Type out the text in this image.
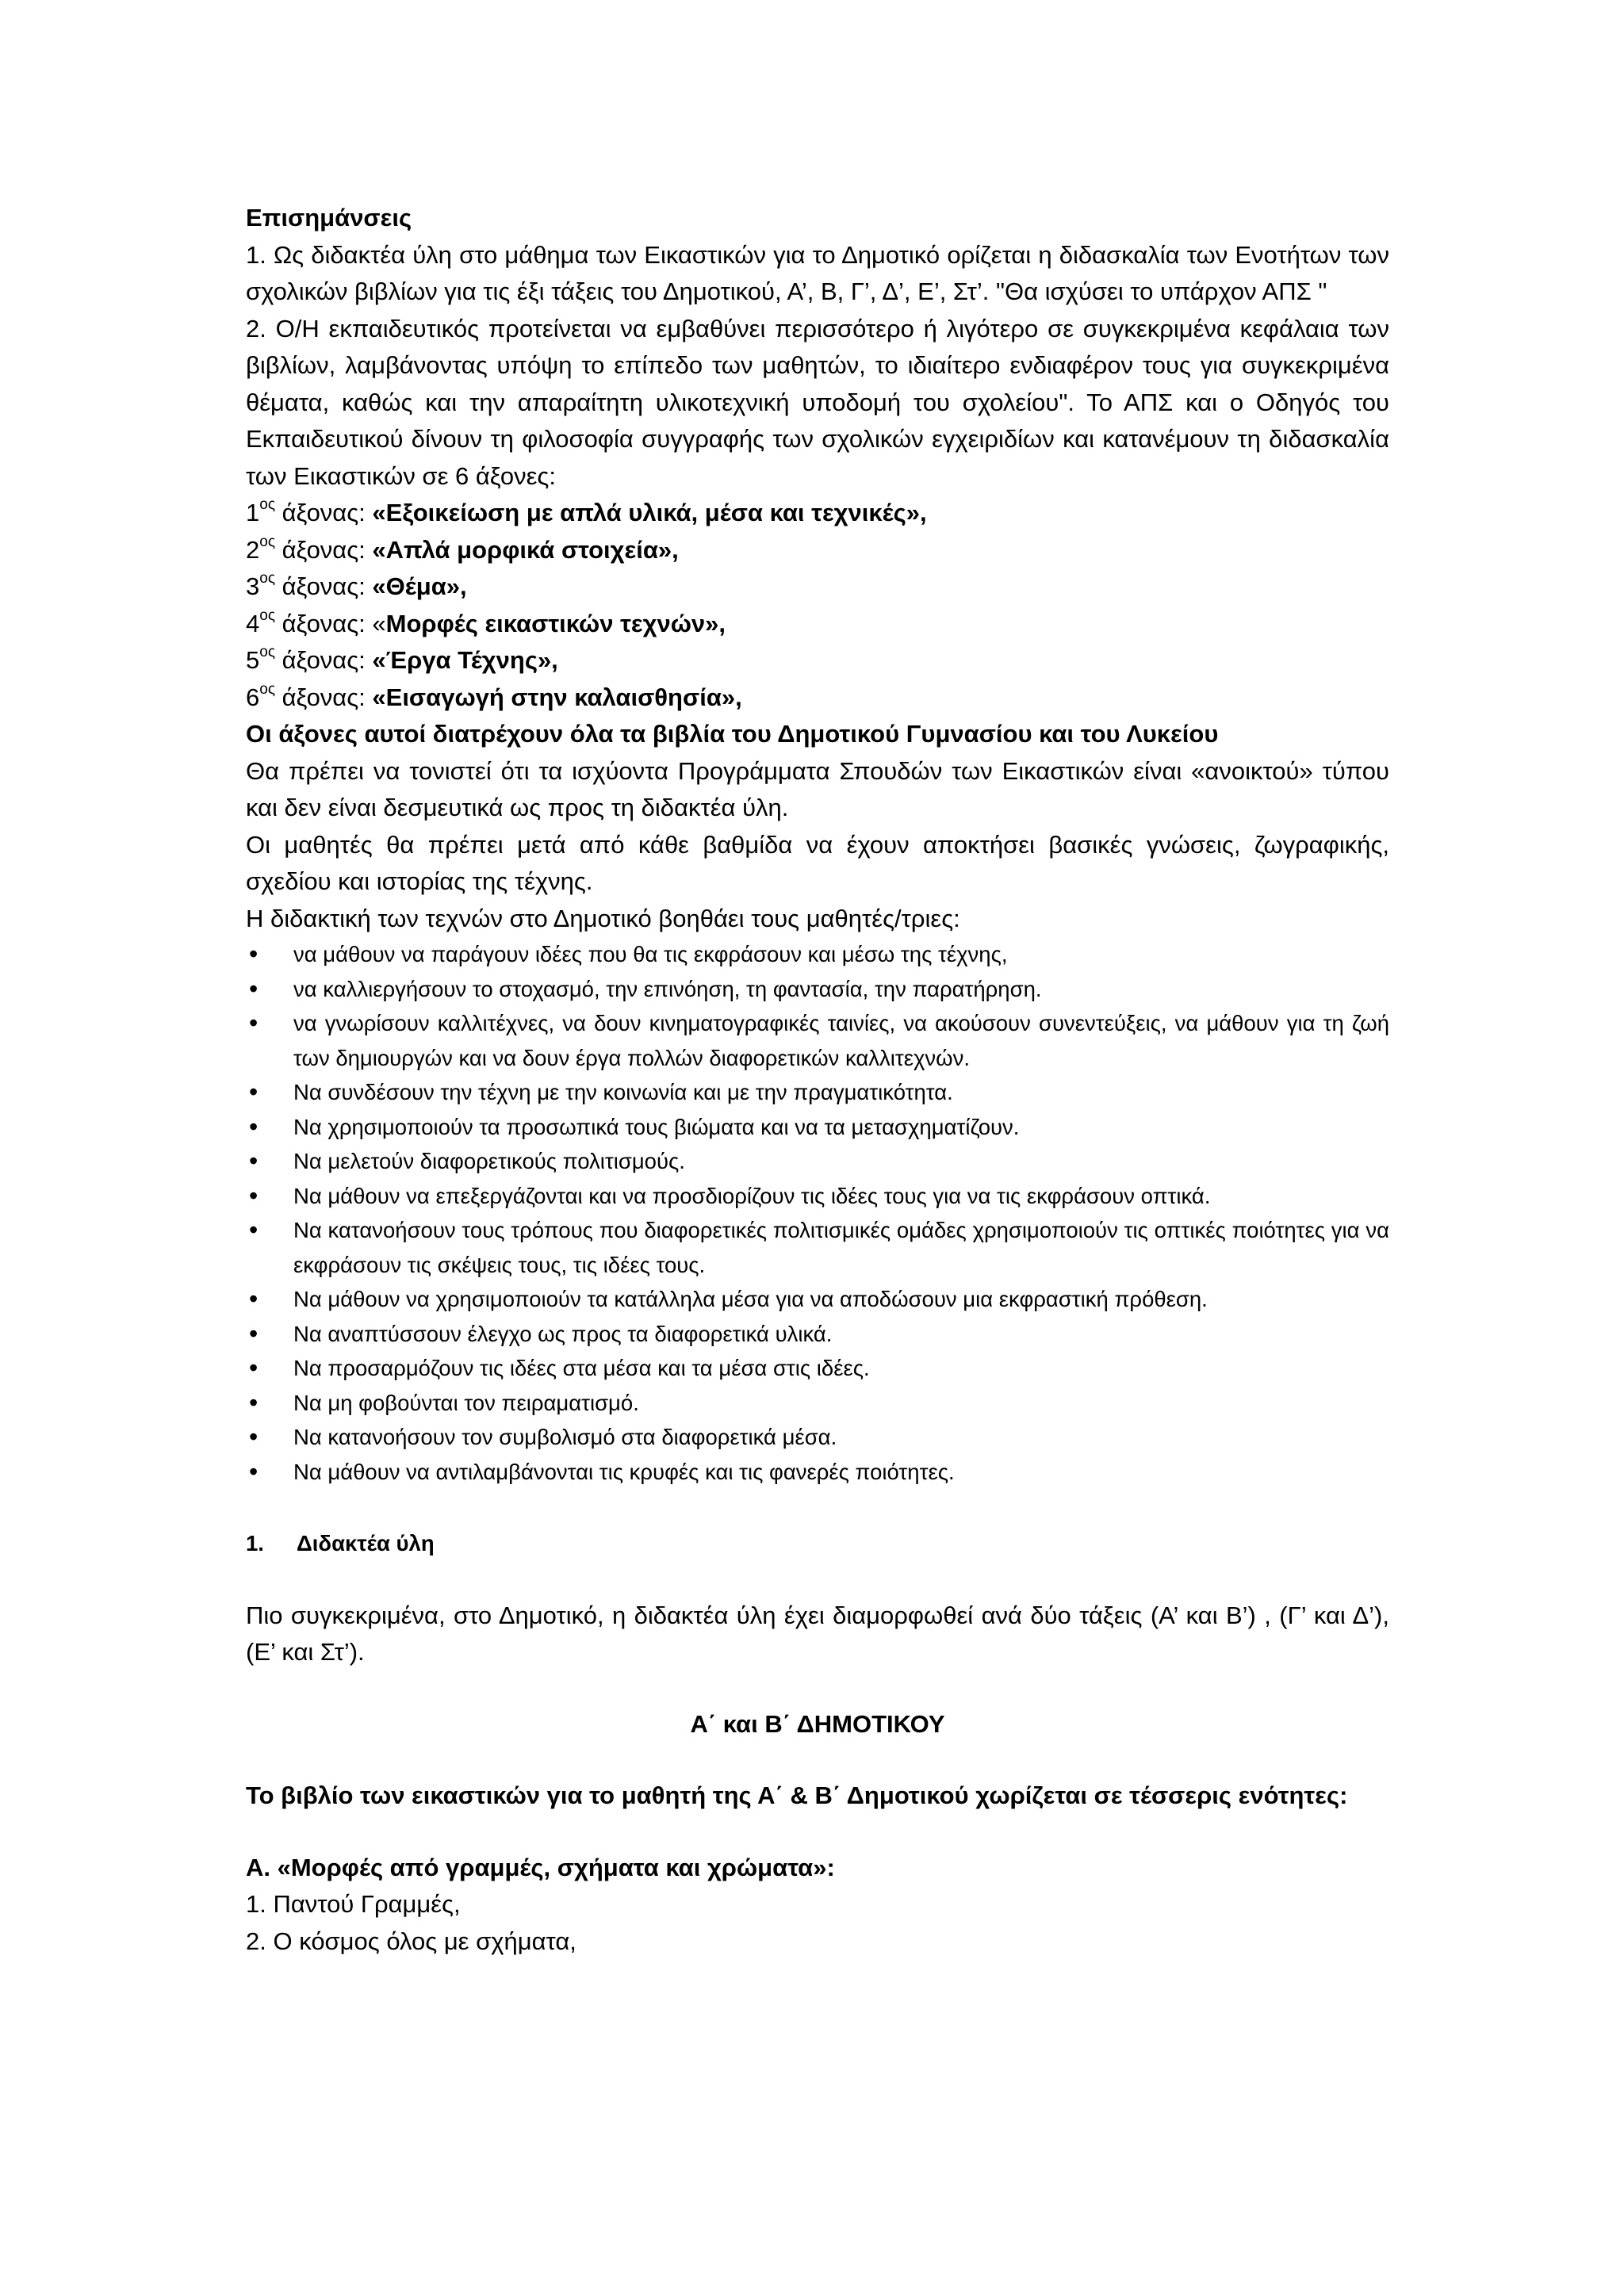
Επισημάνσεις

1. Ως διδακτέα ύλη στο μάθημα των Εικαστικών για το Δημοτικό ορίζεται η διδασκαλία των Ενοτήτων των σχολικών βιβλίων για τις έξι τάξεις του Δημοτικού, Α’, Β, Γ’, Δ’, Ε’, Στ’. "Θα ισχύσει το υπάρχον ΑΠΣ "

2. Ο/Η εκπαιδευτικός προτείνεται να εμβαθύνει περισσότερο ή λιγότερο σε συγκεκριμένα κεφάλαια των βιβλίων, λαμβάνοντας υπόψη το επίπεδο των μαθητών, το ιδιαίτερο ενδιαφέρον τους για συγκεκριμένα θέματα, καθώς και την απαραίτητη υλικοτεχνική υποδομή του σχολείου". Το ΑΠΣ και ο Οδηγός του Εκπαιδευτικού δίνουν τη φιλοσοφία συγγραφής των σχολικών εγχειριδίων και κατανέμουν τη διδασκαλία των Εικαστικών σε 6 άξονες:

$1^{o\varsigma}$ άξονας: «Εξοικείωση με απλά υλικά, μέσα και τεχνικές»,

$2^{o\varsigma}$ άξονας: «Απλά μορφικά στοιχεία»,

$3^{o\varsigma}$ άξονας: «Θέμα»,

$4^{o\varsigma}$ άξονας: «Μορφές εικαστικών τεχνών»,

$5^{o\varsigma}$ άξονας: «Έργα Τέχνης»,

$6^{o\varsigma}$ άξονας: «Εισαγωγή στην καλαισθησία»,

Οι άξονες αυτοί διατρέχουν όλα τα βιβλία του Δημοτικού Γυμνασίου και του Λυκείου

Θα πρέπει να τονιστεί ότι τα ισχύοντα Προγράμματα Σπουδών των Εικαστικών είναι «ανοικτού» τύπου και δεν είναι δεσμευτικά ως προς τη διδακτέα ύλη.

Οι μαθητές θα πρέπει μετά από κάθε βαθμίδα να έχουν αποκτήσει βασικές γνώσεις, ζωγραφικής, σχεδίου και ιστορίας της τέχνης.

Η διδακτική των τεχνών στο Δημοτικό βοηθάει τους μαθητές/τριες:

• να μάθουν να παράγουν ιδέες που θα τις εκφράσουν και μέσω της τέχνης,
• να καλλιεργήσουν το στοχασμό, την επινόηση, τη φαντασία, την παρατήρηση.
• να γνωρίσουν καλλιτέχνες, να δουν κινηματογραφικές ταινίες, να ακούσουν συνεντεύξεις, να μάθουν για τη ζωή των δημιουργών και να δουν έργα πολλών διαφορετικών καλλιτεχνών.
• Να συνδέσουν την τέχνη με την κοινωνία και με την πραγματικότητα.
• Να χρησιμοποιούν τα προσωπικά τους βιώματα και να τα μετασχηματίζουν.
• Να μελετούν διαφορετικούς πολιτισμούς.
• Να μάθουν να επεξεργάζονται και να προσδιορίζουν τις ιδέες τους για να τις εκφράσουν οπτικά.
• Να κατανοήσουν τους τρόπους που διαφορετικές πολιτισμικές ομάδες χρησιμοποιούν τις οπτικές ποιότητες για να εκφράσουν τις σκέψεις τους, τις ιδέες τους.
• Να μάθουν να χρησιμοποιούν τα κατάλληλα μέσα για να αποδώσουν μια εκφραστική πρόθεση.
• Να αναπτύσσουν έλεγχο ως προς τα διαφορετικά υλικά.
• Να προσαρμόζουν τις ιδέες στα μέσα και τα μέσα στις ιδέες.
• Να μη φοβούνται τον πειραματισμό.
• Να κατανοήσουν τον συμβολισμό στα διαφορετικά μέσα.
• Να μάθουν να αντιλαμβάνονται τις κρυφές και τις φανερές ποιότητες.

1. Διδακτέα ύλη

Πιο συγκεκριμένα, στο Δημοτικό, η διδακτέα ύλη έχει διαμορφωθεί ανά δύο τάξεις (Α’ και Β’) , (Γ’ και Δ’), (Ε’ και Στ’).

Α΄ και Β΄ ΔΗΜΟΤΙΚΟΥ

Το βιβλίο των εικαστικών για το μαθητή της Α΄ & Β΄ Δημοτικού χωρίζεται σε τέσσερις ενότητες:

Α. «Μορφές από γραμμές, σχήματα και χρώματα»:

1. Παντού Γραμμές,

2. Ο κόσμος όλος με σχήματα,
